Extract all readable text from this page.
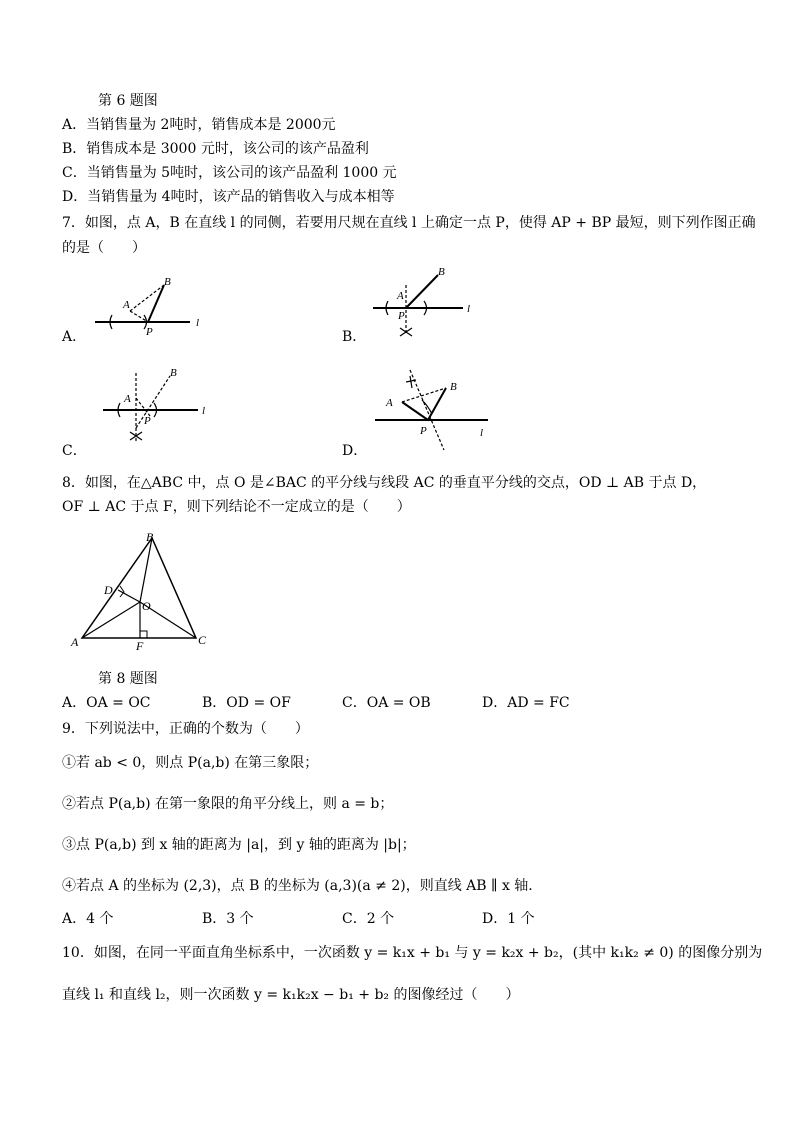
第 6 题图
A．当销售量为 2吨时，销售成本是 2000元
B．销售成本是 3000 元时，该公司的该产品盈利
C．当销售量为 5吨时，该公司的该产品盈利 1000 元
D．当销售量为 4吨时，该产品的销售收入与成本相等
7．如图，点 A，B 在直线 l 的同侧，若要用尺规在直线 l 上确定一点 P，使得 AP + BP 最短，则下列作图正确
的是（　　）
A．
A
B
P
l
B．
A
B
P
l
C．
A
B
P
l
D．
A
B
P	l
8．如图，在△ABC 中，点 O 是∠BAC 的平分线与线段 AC 的垂直平分线的交点，OD ⊥ AB 于点 D，
OF ⊥ AC 于点 F，则下列结论不一定成立的是（　　）
B
D
O
A	C
F
第 8 题图
A．OA = OC	B．OD = OF	C．OA = OB	D．AD = FC
9．下列说法中，正确的个数为（　　）
①若 ab < 0，则点 P(a,b) 在第三象限；
②若点 P(a,b) 在第一象限的角平分线上，则 a = b；
③点 P(a,b) 到 x 轴的距离为 |a|，到 y 轴的距离为 |b|；
④若点 A 的坐标为 (2,3)，点 B 的坐标为 (a,3)(a ≠ 2)，则直线 AB ∥ x 轴.
A．4 个	B．3 个	C．2 个	D．1 个
10．如图，在同一平面直角坐标系中，一次函数 y = k₁x + b₁ 与 y = k₂x + b₂，(其中 k₁k₂ ≠ 0) 的图像分别为
直线 l₁ 和直线 l₂，则一次函数 y = k₁k₂x − b₁ + b₂ 的图像经过（　　）
